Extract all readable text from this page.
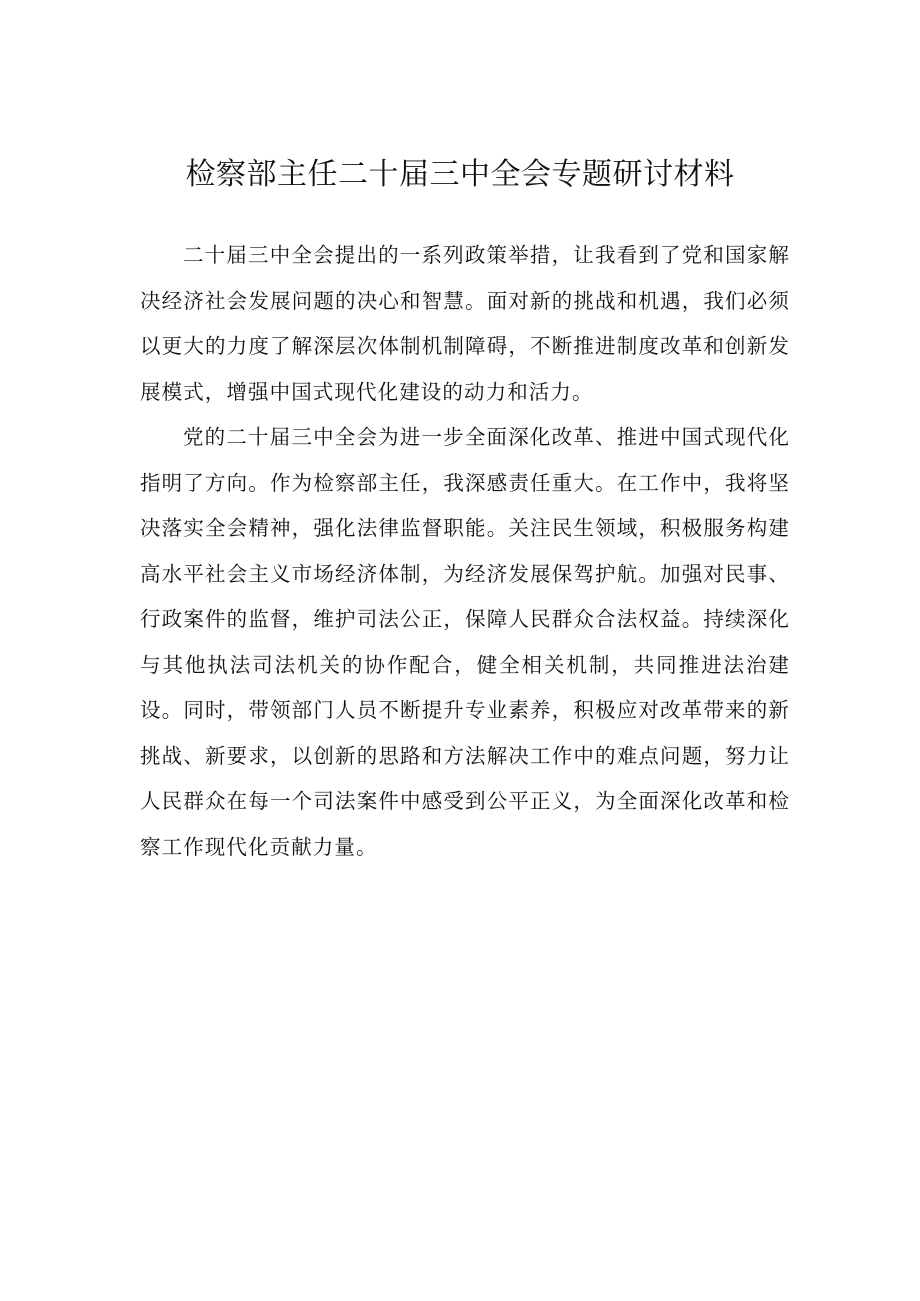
检察部主任二十届三中全会专题研讨材料

二十届三中全会提出的一系列政策举措，让我看到了党和国家解决经济社会发展问题的决心和智慧。面对新的挑战和机遇，我们必须以更大的力度了解深层次体制机制障碍，不断推进制度改革和创新发展模式，增强中国式现代化建设的动力和活力。

党的二十届三中全会为进一步全面深化改革、推进中国式现代化指明了方向。作为检察部主任，我深感责任重大。在工作中，我将坚决落实全会精神，强化法律监督职能。关注民生领域，积极服务构建高水平社会主义市场经济体制，为经济发展保驾护航。加强对民事、行政案件的监督，维护司法公正，保障人民群众合法权益。持续深化与其他执法司法机关的协作配合，健全相关机制，共同推进法治建设。同时，带领部门人员不断提升专业素养，积极应对改革带来的新挑战、新要求，以创新的思路和方法解决工作中的难点问题，努力让人民群众在每一个司法案件中感受到公平正义，为全面深化改革和检察工作现代化贡献力量。
